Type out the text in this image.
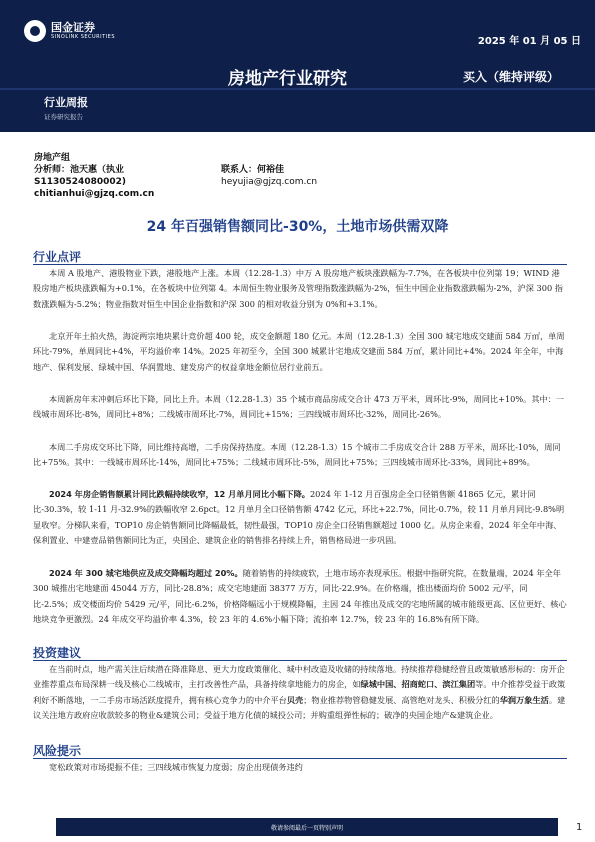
国金证券
SINOLINK SECURITIES	2025 年 01 月 05 日
房地产行业研究	买入（维持评级）
行业周报
证券研究报告
房地产组
分析师：池天惠（执业
S1130524080002)
chitianhui@gjzq.com.cn
联系人：何裕佳
heyujia@gjzq.com.cn
24 年百强销售额同比-30%，土地市场供需双降
行业点评
本周 A 股地产、港股物业下跌，港股地产上涨。本周（12.28-1.3）中万 A 股房地产板块涨跌幅为-7.7%，在各板块中位列第 19；WIND 港股房地产板块涨跌幅为+0.1%，在各板块中位列第 4。本周恒生物业服务及管理指数涨跌幅为-2%，恒生中国企业指数涨跌幅为-2%，沪深 300 指数涨跌幅为-5.2%；物业指数对恒生中国企业指数和沪深 300 的相对收益分别为 0%和+3.1%。
北京开年土拍火热，海淀两宗地块累计竞价超 400 轮，成交金额超 180 亿元。本周（12.28-1.3）全国 300 城宅地成交建面 584 万㎡，单周环比-79%，单周同比+4%，平均溢价率 14%。2025 年初至今，全国 300 城累计宅地成交建面 584 万㎡，累计同比+4%。2024 年全年，中海地产、保利发展、绿城中国、华润置地、建发房产的权益拿地金额位居行业前五。
本周新房年末冲刺后环比下降，同比上升。本周（12.28-1.3）35 个城市商品房成交合计 473 万平米，周环比-9%，周同比+10%。其中：一线城市周环比-8%，周同比+8%；二线城市周环比-7%，周同比+15%；三四线城市周环比-32%，周同比-26%。
本周二手房成交环比下降，同比维持高增，二手房保持热度。本周（12.28-1.3）15 个城市二手房成交合计 288 万平米，周环比-10%，周同比+75%。其中：一线城市周环比-14%，周同比+75%；二线城市周环比-5%，周同比+75%；三四线城市周环比-33%，周同比+89%。
2024 年房企销售额累计同比跌幅持续收窄，12 月单月同比小幅下降。2024 年 1-12 月百强房企全口径销售额 41865 亿元，累计同比-30.3%，较 1-11 月-32.9%的跌幅收窄 2.6pct。12 月单月全口径销售额 4742 亿元，环比+22.7%，同比-0.7%，较 11 月单月同比-9.8%明显收窄。分梯队来看，TOP10 房企销售额同比降幅最低，韧性最强，TOP10 房企全口径销售额超过 1000 亿。从房企来看，2024 年全年中海、保利置业、中建壹品销售额同比为正，央国企、建筑企业的销售排名持续上升，销售格局进一步巩固。
2024 年 300 城宅地供应及成交降幅均超过 20%。随着销售的持续疲软，土地市场亦表现承压。根据中指研究院，在数量端，2024 年全年 300 城推出宅地建面 45044 万方，同比-28.8%；成交宅地建面 38377 万方，同比-22.9%。在价格端，推出楼面均价 5002 元/平，同比-2.5%；成交楼面均价 5429 元/平，同比-6.2%，价格降幅远小于规模降幅，主因 24 年推出及成交的宅地所属的城市能级更高、区位更好、核心地块竞争更激烈。24 年成交平均溢价率 4.3%，较 23 年的 4.6%小幅下降；流拍率 12.7%，较 23 年的 16.8%有所下降。
投资建议
在当前时点，地产需关注后续潜在降准降息、更大力度政策催化、城中村改造及收储的持续落地。持续推荐稳健经营且政策敏感形标的：房开企业推荐重点布局深耕一线及核心二线城市，主打改善性产品，具备持续拿地能力的房企，如绿城中国、招商蛇口、滨江集团等。中介推荐受益于政策利好不断落地，一二手房市场活跃度提升，拥有核心竞争力的中介平台贝壳；物业推荐物管稳健发展、高管绝对龙头、积极分红的华润万象生活。建议关注地方政府应收款较多的物业&建筑公司；受益于地方化债的城投公司；并购重组弹性标的；破净的央国企地产&建筑企业。
风险提示
宽松政策对市场提振不佳；三四线城市恢复力度弱；房企出现债务违约
敬请参阅最后一页特别声明	1
